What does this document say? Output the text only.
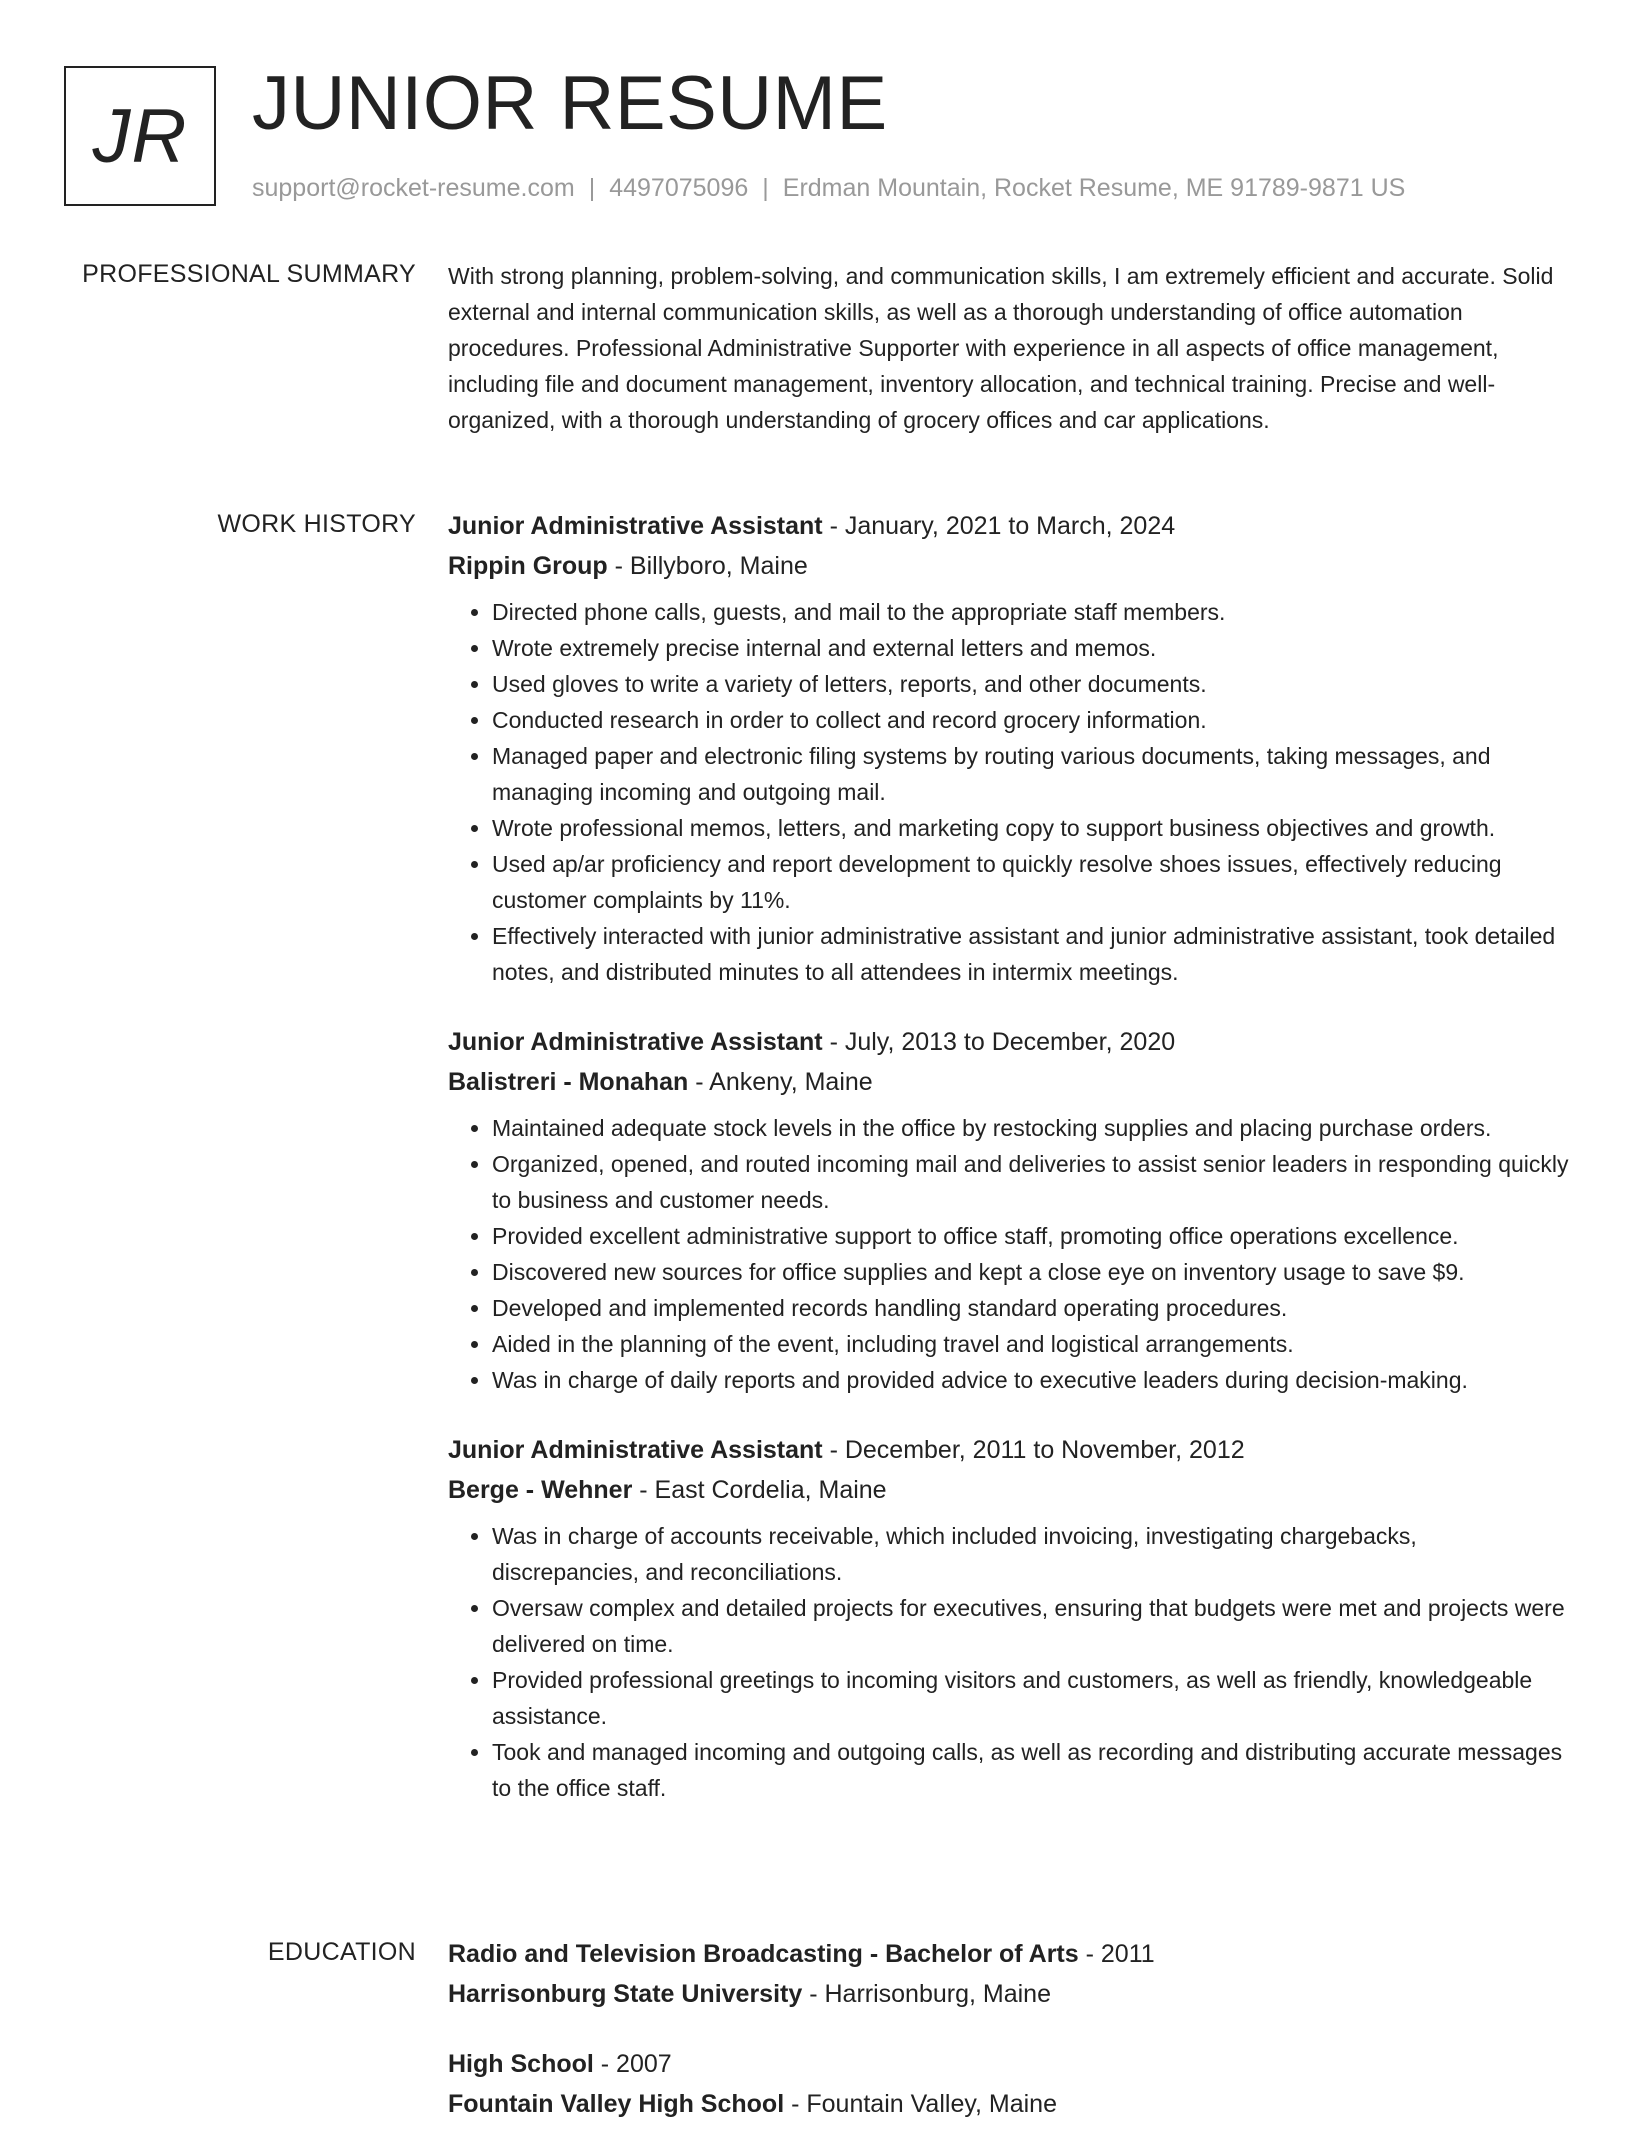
JR JUNIOR RESUME
support@rocket-resume.com | 4497075096 | Erdman Mountain, Rocket Resume, ME 91789-9871 US
PROFESSIONAL SUMMARY With strong planning, problem-solving, and communication skills, I am extremely efficient and accurate. Solid external and internal communication skills, as well as a thorough understanding of office automation procedures. Professional Administrative Supporter with experience in all aspects of office management, including file and document management, inventory allocation, and technical training. Precise and well-organized, with a thorough understanding of grocery offices and car applications.

WORK HISTORY Junior Administrative Assistant - January, 2021 to March, 2024
Rippin Group - Billyboro, Maine
• Directed phone calls, guests, and mail to the appropriate staff members.
• Wrote extremely precise internal and external letters and memos.
• Used gloves to write a variety of letters, reports, and other documents.
• Conducted research in order to collect and record grocery information.
• Managed paper and electronic filing systems by routing various documents, taking messages, and managing incoming and outgoing mail.
• Wrote professional memos, letters, and marketing copy to support business objectives and growth.
• Used ap/ar proficiency and report development to quickly resolve shoes issues, effectively reducing customer complaints by 11%.
• Effectively interacted with junior administrative assistant and junior administrative assistant, took detailed notes, and distributed minutes to all attendees in intermix meetings.
Junior Administrative Assistant - July, 2013 to December, 2020
Balistreri - Monahan - Ankeny, Maine
• Maintained adequate stock levels in the office by restocking supplies and placing purchase orders.
• Organized, opened, and routed incoming mail and deliveries to assist senior leaders in responding quickly to business and customer needs.
• Provided excellent administrative support to office staff, promoting office operations excellence.
• Discovered new sources for office supplies and kept a close eye on inventory usage to save $9.
• Developed and implemented records handling standard operating procedures.
• Aided in the planning of the event, including travel and logistical arrangements.
• Was in charge of daily reports and provided advice to executive leaders during decision-making.
Junior Administrative Assistant - December, 2011 to November, 2012
Berge - Wehner - East Cordelia, Maine
• Was in charge of accounts receivable, which included invoicing, investigating chargebacks, discrepancies, and reconciliations.
• Oversaw complex and detailed projects for executives, ensuring that budgets were met and projects were delivered on time.
• Provided professional greetings to incoming visitors and customers, as well as friendly, knowledgeable assistance.
• Took and managed incoming and outgoing calls, as well as recording and distributing accurate messages to the office staff.
EDUCATION Radio and Television Broadcasting - Bachelor of Arts - 2011
Harrisonburg State University - Harrisonburg, Maine
High School - 2007
Fountain Valley High School - Fountain Valley, Maine
